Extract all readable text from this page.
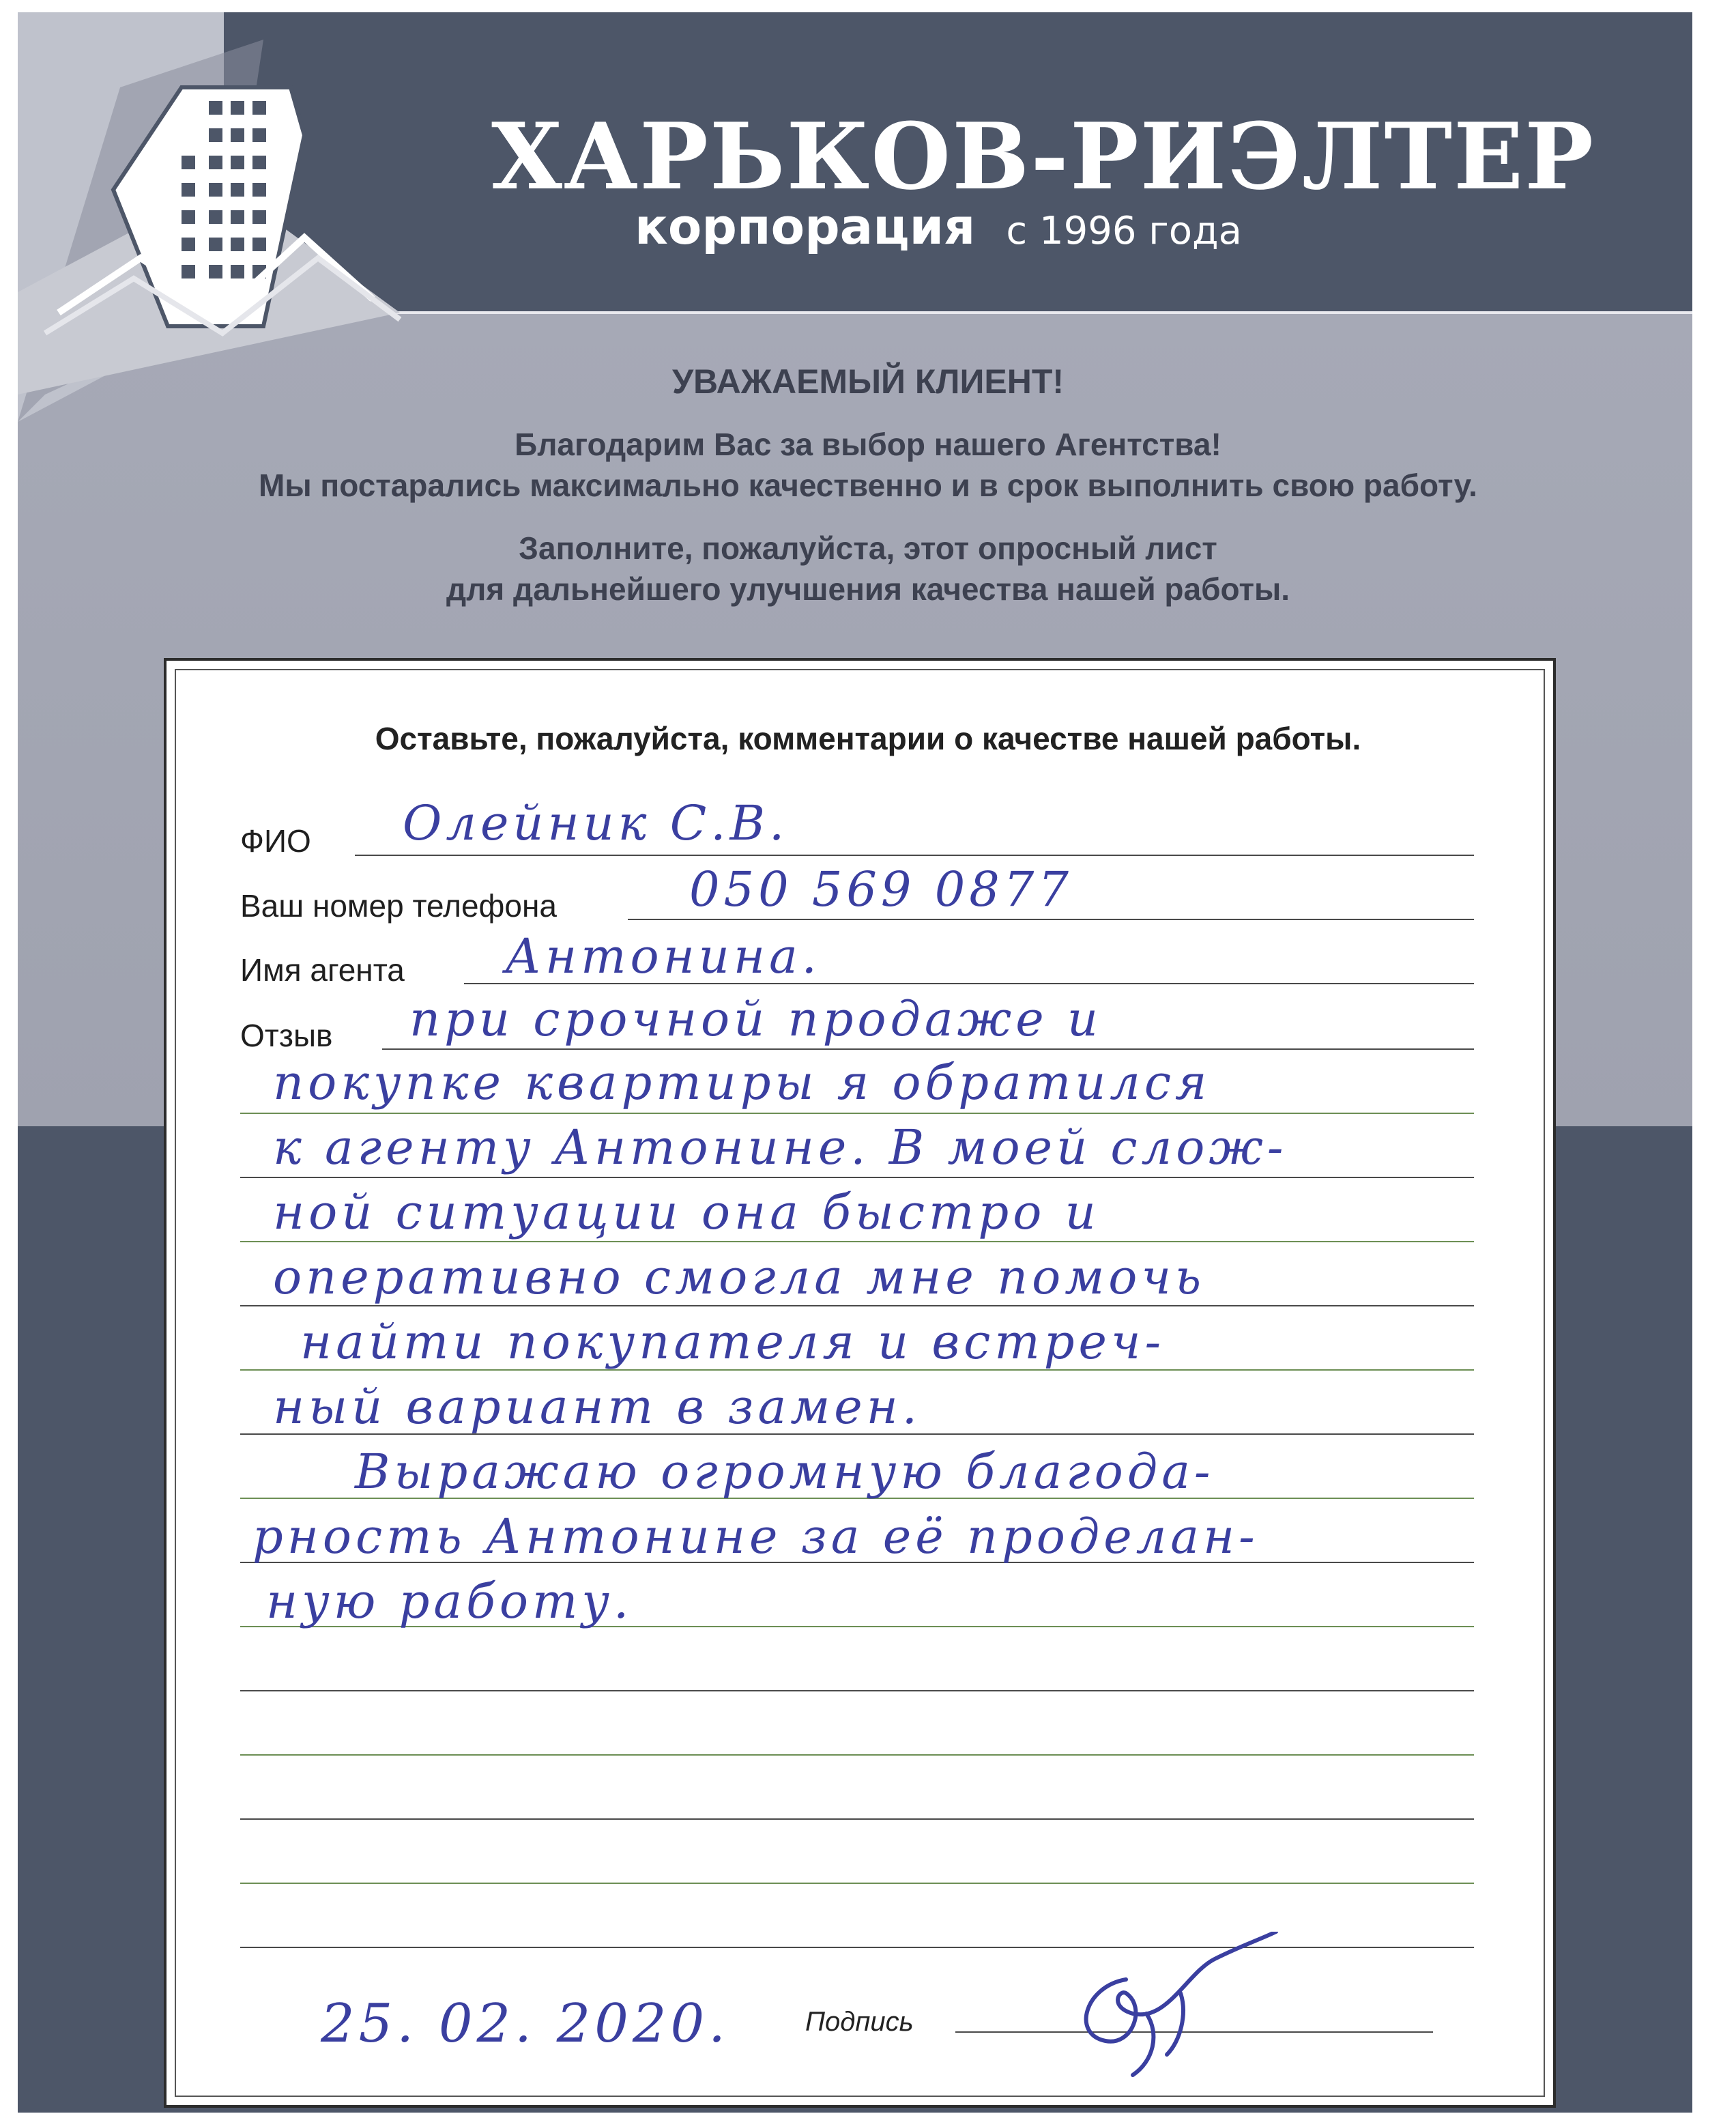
ХАРЬКОВ-РИЭЛТЕР
корпорация с 1996 года
УВАЖАЕМЫЙ КЛИЕНТ!
Благодарим Вас за выбор нашего Агентства!
Мы постарались максимально качественно и в срок выполнить свою работу.
Заполните, пожалуйста, этот опросный лист
для дальнейшего улучшения качества нашей работы.
Оставьте, пожалуйста, комментарии о качестве нашей работы.
ФИО Олейник С.В.
Ваш номер телефона	050 569 0877
Имя агента Антонина.
Отзыв при срочной продаже и
покупке квартиры я обратился
к агенту Антонине. В моей слож-
ной ситуации она быстро и
оперативно смогла мне помочь
найти покупателя и встреч-
ный вариант в замен.
Выражаю огромную благода-
рность Антонине за её проделан-
ную работу.
25. 02. 2020.	Подпись
